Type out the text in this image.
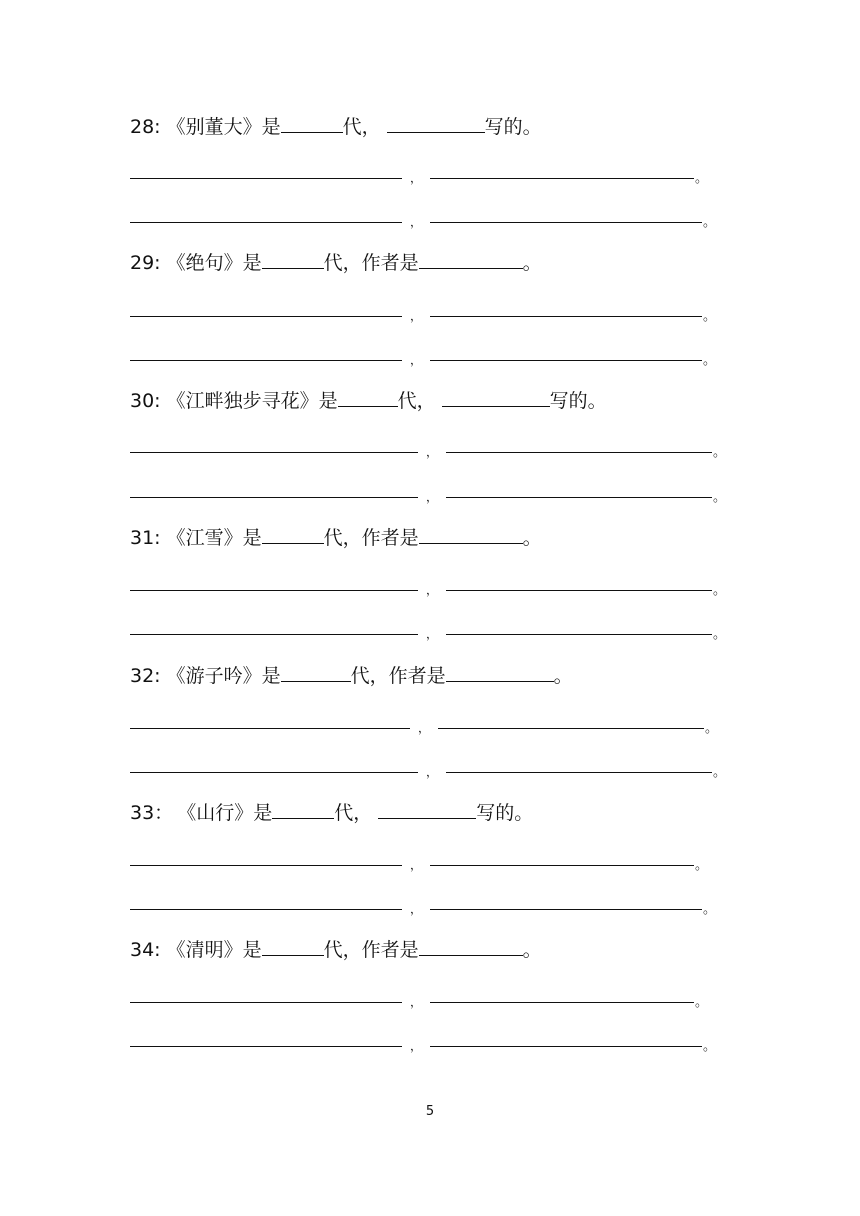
28: 《别董大》是	代，	写的。
，	。
，	。
29: 《绝句》是	代，作者是	。
，	。
，	。
30: 《江畔独步寻花》是	代，	写的。
，	。
，	。
31: 《江雪》是	代，作者是	。
，	。
，	。
32: 《游子吟》是	代，作者是	。
，	。
，	。
33： 《山行》是	代，	写的。
，	。
，	。
34: 《清明》是	代，作者是	。
，	。
，	。
5
